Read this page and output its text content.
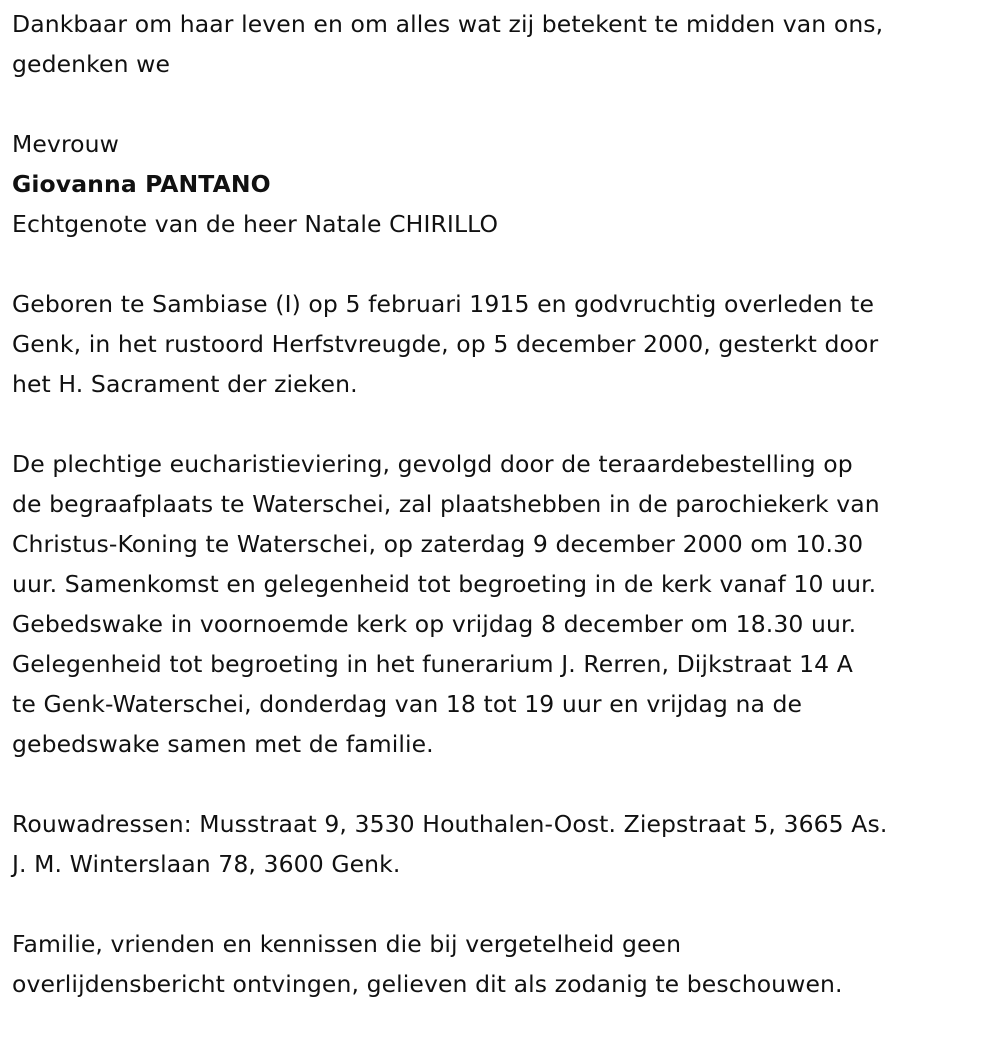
Dankbaar om haar leven en om alles wat zij betekent te midden van ons,
gedenken we
Mevrouw
Giovanna PANTANO
Echtgenote van de heer Natale CHIRILLO
Geboren te Sambiase (I) op 5 februari 1915 en godvruchtig overleden te
Genk, in het rustoord Herfstvreugde, op 5 december 2000, gesterkt door
het H. Sacrament der zieken.
De plechtige eucharistieviering, gevolgd door de teraardebestelling op
de begraafplaats te Waterschei, zal plaatshebben in de parochiekerk van
Christus-Koning te Waterschei, op zaterdag 9 december 2000 om 10.30
uur. Samenkomst en gelegenheid tot begroeting in de kerk vanaf 10 uur.
Gebedswake in voornoemde kerk op vrijdag 8 december om 18.30 uur.
Gelegenheid tot begroeting in het funerarium J. Rerren, Dijkstraat 14 A
te Genk-Waterschei, donderdag van 18 tot 19 uur en vrijdag na de
gebedswake samen met de familie.
Rouwadressen: Musstraat 9, 3530 Houthalen-Oost. Ziepstraat 5, 3665 As.
J. M. Winterslaan 78, 3600 Genk.
Familie, vrienden en kennissen die bij vergetelheid geen
overlijdensbericht ontvingen, gelieven dit als zodanig te beschouwen.
